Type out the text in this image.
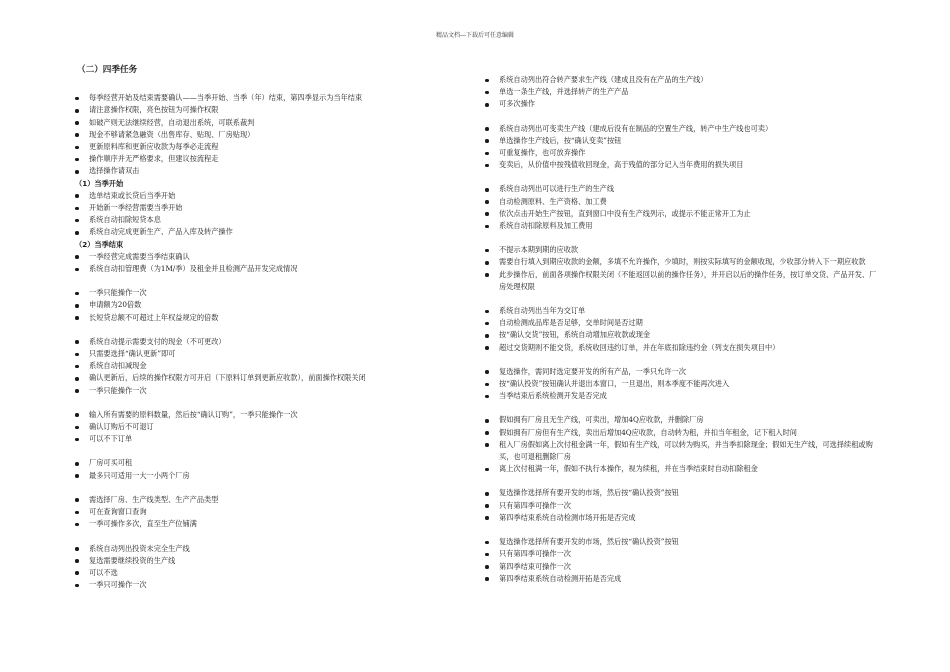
精品文档---下载后可任意编辑
（二）四季任务
每季经营开始及结束需要确认——当季开始、当季（年）结束，第四季显示为当年结束
请注意操作权限，亮色按钮为可操作权限
如破产则无法继续经营，自动退出系统，可联系裁判
现金不够请紧急融资（出售库存、贴现、厂房贴现）
更新原料库和更新应收款为每季必走流程
操作顺序并无严格要求，但建议按流程走
选择操作请双击
（1）当季开始
选单结束或长贷后当季开始
开始新一季经营需要当季开始
系统自动扣除短贷本息
系统自动完成更新生产、产品入库及转产操作
（2）当季结束
一季经营完成需要当季结束确认
系统自动扣管理费（为1M/季）及租金并且检测产品开发完成情况
一季只能操作一次
申请额为20倍数
长短贷总额不可超过上年权益规定的倍数
系统自动提示需要支付的现金（不可更改）
只需要选择“确认更新”即可
系统自动扣减现金
确认更新后，后续的操作权限方可开启（下原料订单到更新应收款），前面操作权限关闭
一季只能操作一次
输入所有需要的原料数量，然后按“确认订购”，一季只能操作一次
确认订购后不可退订
可以不下订单
厂房可买可租
最多只可适用一大一小两个厂房
需选择厂房、生产线类型、生产产品类型
可在查询窗口查询
一季可操作多次，直至生产位铺满
系统自动列出投资未完全生产线
复选需要继续投资的生产线
可以不选
一季只可操作一次
系统自动列出符合转产要求生产线（建成且没有在产品的生产线）
单选一条生产线，并选择转产的生产产品
可多次操作
系统自动列出可变卖生产线（建成后没有在制品的空置生产线，转产中生产线也可卖）
单选操作生产线后，按“确认变卖”按钮
可重复操作，也可放弃操作
变卖后，从价值中按残值收回现金，高于残值的部分记入当年费用的损失项目
系统自动列出可以进行生产的生产线
自动检测原料、生产资格、加工费
依次点击开始生产按钮，直到窗口中没有生产线列示，或提示不能正常开工为止
系统自动扣除原料及加工费用
不提示本期到期的应收款
需要自行填入到期应收款的金额，多填不允许操作，少填时，则按实际填写的金额收现，少收部分转入下一期应收款
此步操作后，前面各项操作权限关闭（不能返回以前的操作任务），并开启以后的操作任务，按订单交货、产品开发、厂房处理权限
系统自动列出当年为交订单
自动检测成品库是否足够，交单时间是否过期
按“确认交货”按钮，系统自动增加应收款或现金
超过交货期则不能交货，系统收回违约订单，并在年底扣除违约金（列支在损失项目中）
复选操作，需同时选定要开发的所有产品，一季只允许一次
按“确认投资”按钮确认并退出本窗口，一旦退出，则本季度不能再次进入
当季结束后系统检测开发是否完成
假如拥有厂房且无生产线，可卖出，增加4Q应收款，并删除厂房
假如拥有厂房但有生产线，卖出后增加4Q应收款，自动转为租，并扣当年租金，记下租入时间
租入厂房假如离上次付租金满一年，假如有生产线，可以转为购买，并当季扣除现金；假如无生产线，可选择续租或购买，也可退租删除厂房
离上次付租满一年，假如不执行本操作，视为续租，并在当季结束时自动扣除租金
复选操作选择所有要开发的市场，然后按“确认投资”按钮
只有第四季可操作一次
第四季结束系统自动检测市场开拓是否完成
复选操作选择所有要开发的市场，然后按“确认投资”按钮
只有第四季可操作一次
第四季结束可操作一次
第四季结束系统自动检测开拓是否完成
